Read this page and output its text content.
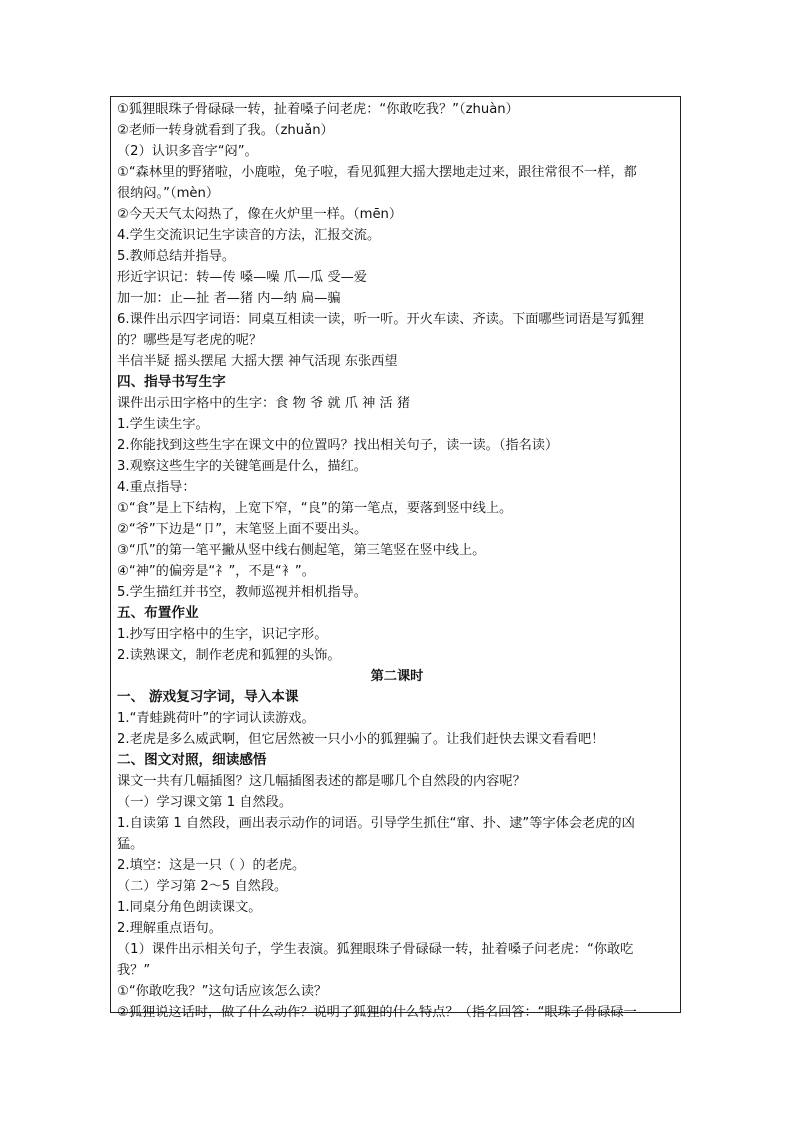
①狐狸眼珠子骨碌碌一转，扯着嗓子问老虎：“你敢吃我？”（zhuàn）
②老师一转身就看到了我。（zhuǎn）
（2）认识多音字“闷”。
①“森林里的野猪啦，小鹿啦，兔子啦，看见狐狸大摇大摆地走过来，跟往常很不一样，都
很纳闷。”（mèn）
②今天天气太闷热了，像在火炉里一样。（mēn）
4.学生交流识记生字读音的方法，汇报交流。
5.教师总结并指导。
形近字识记：转—传 嗓—噪 爪—瓜 受—爱
加一加：止—扯 者—猪 内—纳 扁—骗
6.课件出示四字词语：同桌互相读一读，听一听。开火车读、齐读。下面哪些词语是写狐狸
的？哪些是写老虎的呢？
半信半疑 摇头摆尾 大摇大摆 神气活现 东张西望
四、指导书写生字
课件出示田字格中的生字：食 物 爷 就 爪 神 活 猪
1.学生读生字。
2.你能找到这些生字在课文中的位置吗？找出相关句子，读一读。（指名读）
3.观察这些生字的关键笔画是什么，描红。
4.重点指导：
①“食”是上下结构，上宽下窄，“良”的第一笔点，要落到竖中线上。
②“爷”下边是“卩”，末笔竖上面不要出头。
③“爪”的第一笔平撇从竖中线右侧起笔，第三笔竖在竖中线上。
④“神”的偏旁是“礻”，不是“衤”。
5.学生描红并书空，教师巡视并相机指导。
五、布置作业
1.抄写田字格中的生字，识记字形。
2.读熟课文，制作老虎和狐狸的头饰。
第二课时
一、 游戏复习字词，导入本课
1.“青蛙跳荷叶”的字词认读游戏。
2.老虎是多么威武啊，但它居然被一只小小的狐狸骗了。让我们赶快去课文看看吧！
二、图文对照，细读感悟
课文一共有几幅插图？这几幅插图表述的都是哪几个自然段的内容呢？
（一）学习课文第 1 自然段。
1.自读第 1 自然段，画出表示动作的词语。引导学生抓住“窜、扑、逮”等字体会老虎的凶
猛。
2.填空：这是一只（ ）的老虎。
（二）学习第 2～5 自然段。
1.同桌分角色朗读课文。
2.理解重点语句。
（1）课件出示相关句子，学生表演。狐狸眼珠子骨碌碌一转，扯着嗓子问老虎：“你敢吃
我？”
①“你敢吃我？”这句话应该怎么读？
②狐狸说这话时，做了什么动作？说明了狐狸的什么特点？（指名回答：“眼珠子骨碌碌一
